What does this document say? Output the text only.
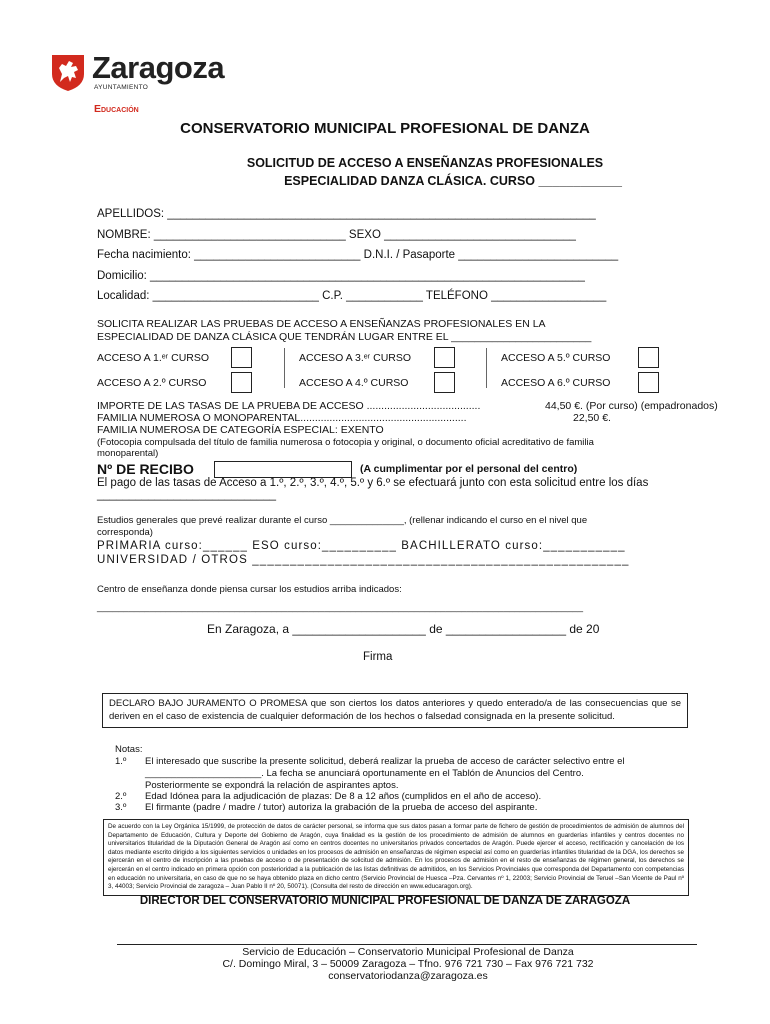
Zaragoza
AYUNTAMIENTO
Educación
CONSERVATORIO MUNICIPAL PROFESIONAL DE DANZA
SOLICITUD DE ACCESO A ENSEÑANZAS PROFESIONALES
ESPECIALIDAD DANZA CLÁSICA. CURSO ____________
APELLIDOS: ___________________________________________________________________
NOMBRE: ______________________________ SEXO ______________________________
Fecha nacimiento: __________________________ D.N.I. / Pasaporte _________________________
Domicilio: ____________________________________________________________________
Localidad: __________________________ C.P. ____________ TELÉFONO __________________
SOLICITA REALIZAR LAS PRUEBAS DE ACCESO A ENSEÑANZAS PROFESIONALES EN LA
ESPECIALIDAD DE DANZA CLÁSICA QUE TENDRÁN LUGAR ENTRE EL ________________________
ACCESO A 1.ᵉʳ CURSO	ACCESO A 3.ᵉʳ CURSO	ACCESO A 5.º CURSO
ACCESO A 2.º CURSO	ACCESO A 4.º CURSO	ACCESO A 6.º CURSO
IMPORTE DE LAS TASAS DE LA PRUEBA DE ACCESO .......................................	44,50 €. (Por curso) (empadronados)
FAMILIA NUMEROSA O MONOPARENTAL.........................................................	22,50 €.
FAMILIA NUMEROSA DE CATEGORÍA ESPECIAL: EXENTO
(Fotocopia compulsada del título de familia numerosa o fotocopia y original, o documento oficial acreditativo de familia
monoparental)
Nº DE RECIBO	(A cumplimentar por el personal del centro)
El pago de las tasas de Acceso a 1.º, 2.º, 3.º, 4.º, 5.º y 6.º se efectuará junto con esta solicitud entre los días
____________________________
Estudios generales que prevé realizar durante el curso ______________, (rellenar indicando el curso en el nivel que
corresponda)
PRIMARIA curso:______ ESO curso:__________ BACHILLERATO curso:___________
UNIVERSIDAD / OTROS __________________________________________________
Centro de enseñanza donde piensa cursar los estudios arriba indicados:
____________________________________________________________________________________________
En Zaragoza, a ____________________ de __________________ de 20
Firma
DECLARO BAJO JURAMENTO O PROMESA que son ciertos los datos anteriores y quedo enterado/a de las consecuencias que se deriven en el caso de existencia de cualquier deformación de los hechos o falsedad consignada en la presente solicitud.
Notas:
1.º El interesado que suscribe la presente solicitud, deberá realizar la prueba de acceso de carácter selectivo entre el
______________________. La fecha se anunciará oportunamente en el Tablón de Anuncios del Centro.
Posteriormente se expondrá la relación de aspirantes aptos.
2.º Edad Idónea para la adjudicación de plazas: De 8 a 12 años (cumplidos en el año de acceso).
3.º El firmante (padre / madre / tutor) autoriza la grabación de la prueba de acceso del aspirante.
De acuerdo con la Ley Orgánica 15/1999, de protección de datos de carácter personal, se informa que sus datos pasan a formar parte de fichero de gestión de procedimientos de admisión de alumnos del Departamento de Educación, Cultura y Deporte del Gobierno de Aragón, cuya finalidad es la gestión de los procedimiento de admisión de alumnos en guarderías infantiles y centros docentes no universitarios titularidad de la Diputación General de Aragón así como en centros docentes no universitarios privados concertados de Aragón. Puede ejercer el acceso, rectificación y cancelación de los datos mediante escrito dirigido a los siguientes servicios o unidades en los procesos de admisión en enseñanzas de régimen especial así como en guarderías infantiles titularidad de la DGA, los derechos se ejercerán en el centro de inscripción a las pruebas de acceso o de presentación de solicitud de admisión. En los procesos de admisión en el resto de enseñanzas de régimen general, los derechos se ejercerán en el centro indicado en primera opción con posterioridad a la publicación de las listas definitivas de admitidos, en los Servicios Provinciales que corresponda del Departamento con competencias en educación no universitaria, en caso de que no se haya obtenido plaza en dicho centro (Servicio Provincial de Huesca –Pza. Cervantes nº 1, 22003; Servicio Provincial de Teruel –San Vicente de Paul nº 3, 44003; Servicio Provincial de zaragoza – Juan Pablo II nº 20, 50071). (Consulta del resto de dirección en www.educaragon.org).
DIRECTOR DEL CONSERVATORIO MUNICIPAL PROFESIONAL DE DANZA DE ZARAGOZA
Servicio de Educación – Conservatorio Municipal Profesional de Danza
C/. Domingo Miral, 3 – 50009 Zaragoza – Tfno. 976 721 730 – Fax 976 721 732
conservatoriodanza@zaragoza.es
